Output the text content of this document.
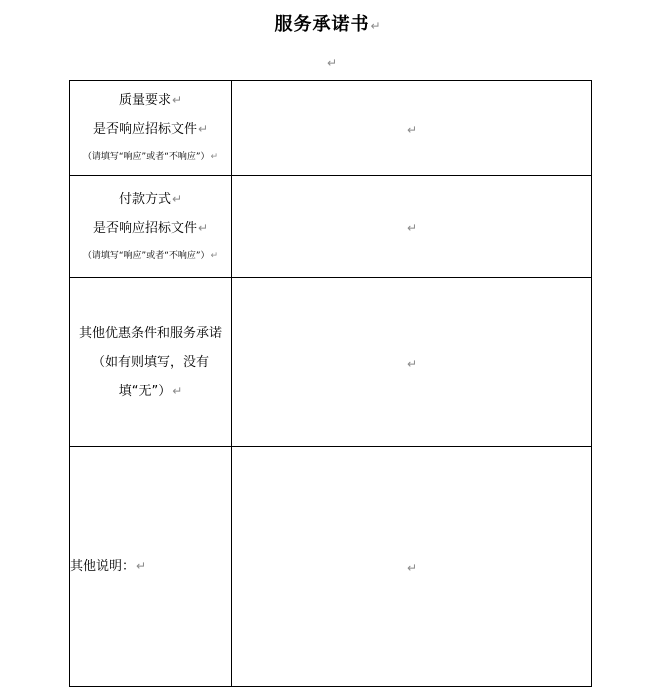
服务承诺书↵
↵
质量要求↵
是否响应招标文件↵
（请填写“响应”或者“不响应”）↵	↵

付款方式↵
是否响应招标文件↵
（请填写“响应”或者“不响应”）↵	↵

其他优惠条件和服务承诺（如有则填写，没有填“无”）↵	↵
其他说明：↵	↵
